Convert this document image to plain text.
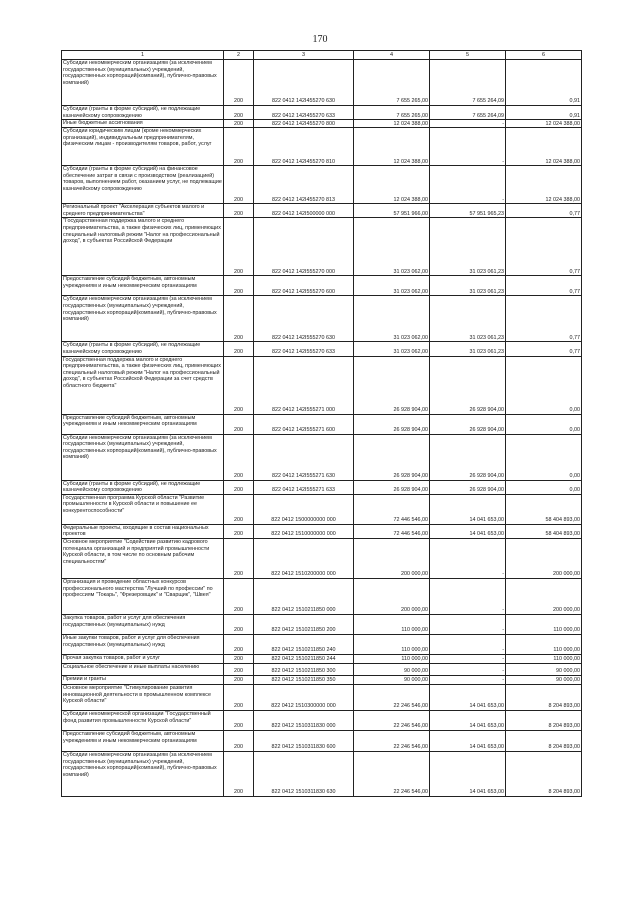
170
1	2	3	4	5	6
Субсидии некоммерческим организациям (за исключением государственных (муниципальных) учреждений, государственных корпораций(компаний), публично-правовых компаний)	200	822 0412 142I455270 630	7 655 265,00	7 655 264,09	0,91
Субсидии (гранты в форме субсидий), не подлежащие казначейскому сопровождению	200	822 0412 142I455270 633	7 655 265,00	7 655 264,09	0,91
Иные бюджетные ассигнования	200	822 0412 142I455270 800	12 024 388,00	-	12 024 388,00
Субсидии юридическим лицам (кроме некоммерческих организаций), индивидуальным предпринимателям, физическим лицам - производителям товаров, работ, услуг	200	822 0412 142I455270 810	12 024 388,00	-	12 024 388,00
Субсидии (гранты в форме субсидий) на финансовое обеспечение затрат в связи с производством (реализацией) товаров, выполнением работ, оказанием услуг, не подлежащие казначейскому сопровождению	200	822 0412 142I455270 813	12 024 388,00	-	12 024 388,00
Региональный проект "Акселерация субъектов малого и среднего предпринимательства"	200	822 0412 142I500000 000	57 951 966,00	57 951 965,23	0,77
"Государственная поддержка малого и среднего предпринимательства, а также физических лиц, применяющих специальный налоговый режим "Налог на профессиональный доход", в субъектах Российской Федерации	200	822 0412 142I555270 000	31 023 062,00	31 023 061,23	0,77
Предоставление субсидий бюджетным, автономным учреждениям и иным некоммерческим организациям	200	822 0412 142I555270 600	31 023 062,00	31 023 061,23	0,77
Субсидии некоммерческим организациям (за исключением государственных (муниципальных) учреждений, государственных корпораций(компаний), публично-правовых компаний)	200	822 0412 142I555270 630	31 023 062,00	31 023 061,23	0,77
Субсидии (гранты в форме субсидий), не подлежащие казначейскому сопровождению	200	822 0412 142I555270 633	31 023 062,00	31 023 061,23	0,77
Государственная поддержка малого и среднего предпринимательства, а также физических лиц, применяющих специальный налоговый режим "Налог на профессиональный доход", в субъектах Российской Федерации за счет средств областного бюджета"	200	822 0412 142I555271 000	26 928 904,00	26 928 904,00	0,00
Предоставление субсидий бюджетным, автономным учреждениям и иным некоммерческим организациям	200	822 0412 142I555271 600	26 928 904,00	26 928 904,00	0,00
Субсидии некоммерческим организациям (за исключением государственных (муниципальных) учреждений, государственных корпораций(компаний), публично-правовых компаний)	200	822 0412 142I555271 630	26 928 904,00	26 928 904,00	0,00
Субсидии (гранты в форме субсидий), не подлежащие казначейскому сопровождению	200	822 0412 142I555271 633	26 928 904,00	26 928 904,00	0,00
Государственная программа Курской области "Развитие промышленности в Курской области и повышение ее конкурентоспособности"	200	822 0412 1500000000 000	72 446 546,00	14 041 653,00	58 404 893,00
Федеральные проекты, входящие в состав национальных проектов	200	822 0412 1510000000 000	72 446 546,00	14 041 653,00	58 404 893,00
Основное мероприятие "Содействие развитию кадрового потенциала организаций и предприятий промышленности Курской области, в том числе по основным рабочим специальностям"	200	822 0412 1510200000 000	200 000,00	-	200 000,00
Организация и проведение областных конкурсов профессионального мастерства "Лучший по профессии" по профессиям "Токарь", "Фрезеровщик" и "Сварщик", "Швея"	200	822 0412 1510211850 000	200 000,00	-	200 000,00
Закупка товаров, работ и услуг для обеспечения государственных (муниципальных) нужд	200	822 0412 1510211850 200	110 000,00	-	110 000,00
Иные закупки товаров, работ и услуг для обеспечения государственных (муниципальных) нужд	200	822 0412 1510211850 240	110 000,00	-	110 000,00
Прочая закупка товаров, работ и услуг	200	822 0412 1510211850 244	110 000,00	-	110 000,00
Социальное обеспечение и иные выплаты населению	200	822 0412 1510211850 300	90 000,00	-	90 000,00
Премии и гранты	200	822 0412 1510211850 350	90 000,00	-	90 000,00
Основное мероприятие "Стимулирование развития инновационной деятельности в промышленном комплексе Курской области"	200	822 0412 1510300000 000	22 246 546,00	14 041 653,00	8 204 893,00
Субсидии некоммерческой организации "Государственный фонд развития промышленности Курской области"	200	822 0412 1510311830 000	22 246 546,00	14 041 653,00	8 204 893,00
Предоставление субсидий бюджетным, автономным учреждениям и иным некоммерческим организациям	200	822 0412 1510311830 600	22 246 546,00	14 041 653,00	8 204 893,00
Субсидии некоммерческим организациям (за исключением государственных (муниципальных) учреждений, государственных корпораций(компаний), публично-правовых компаний)	200	822 0412 1510311830 630	22 246 546,00	14 041 653,00	8 204 893,00
